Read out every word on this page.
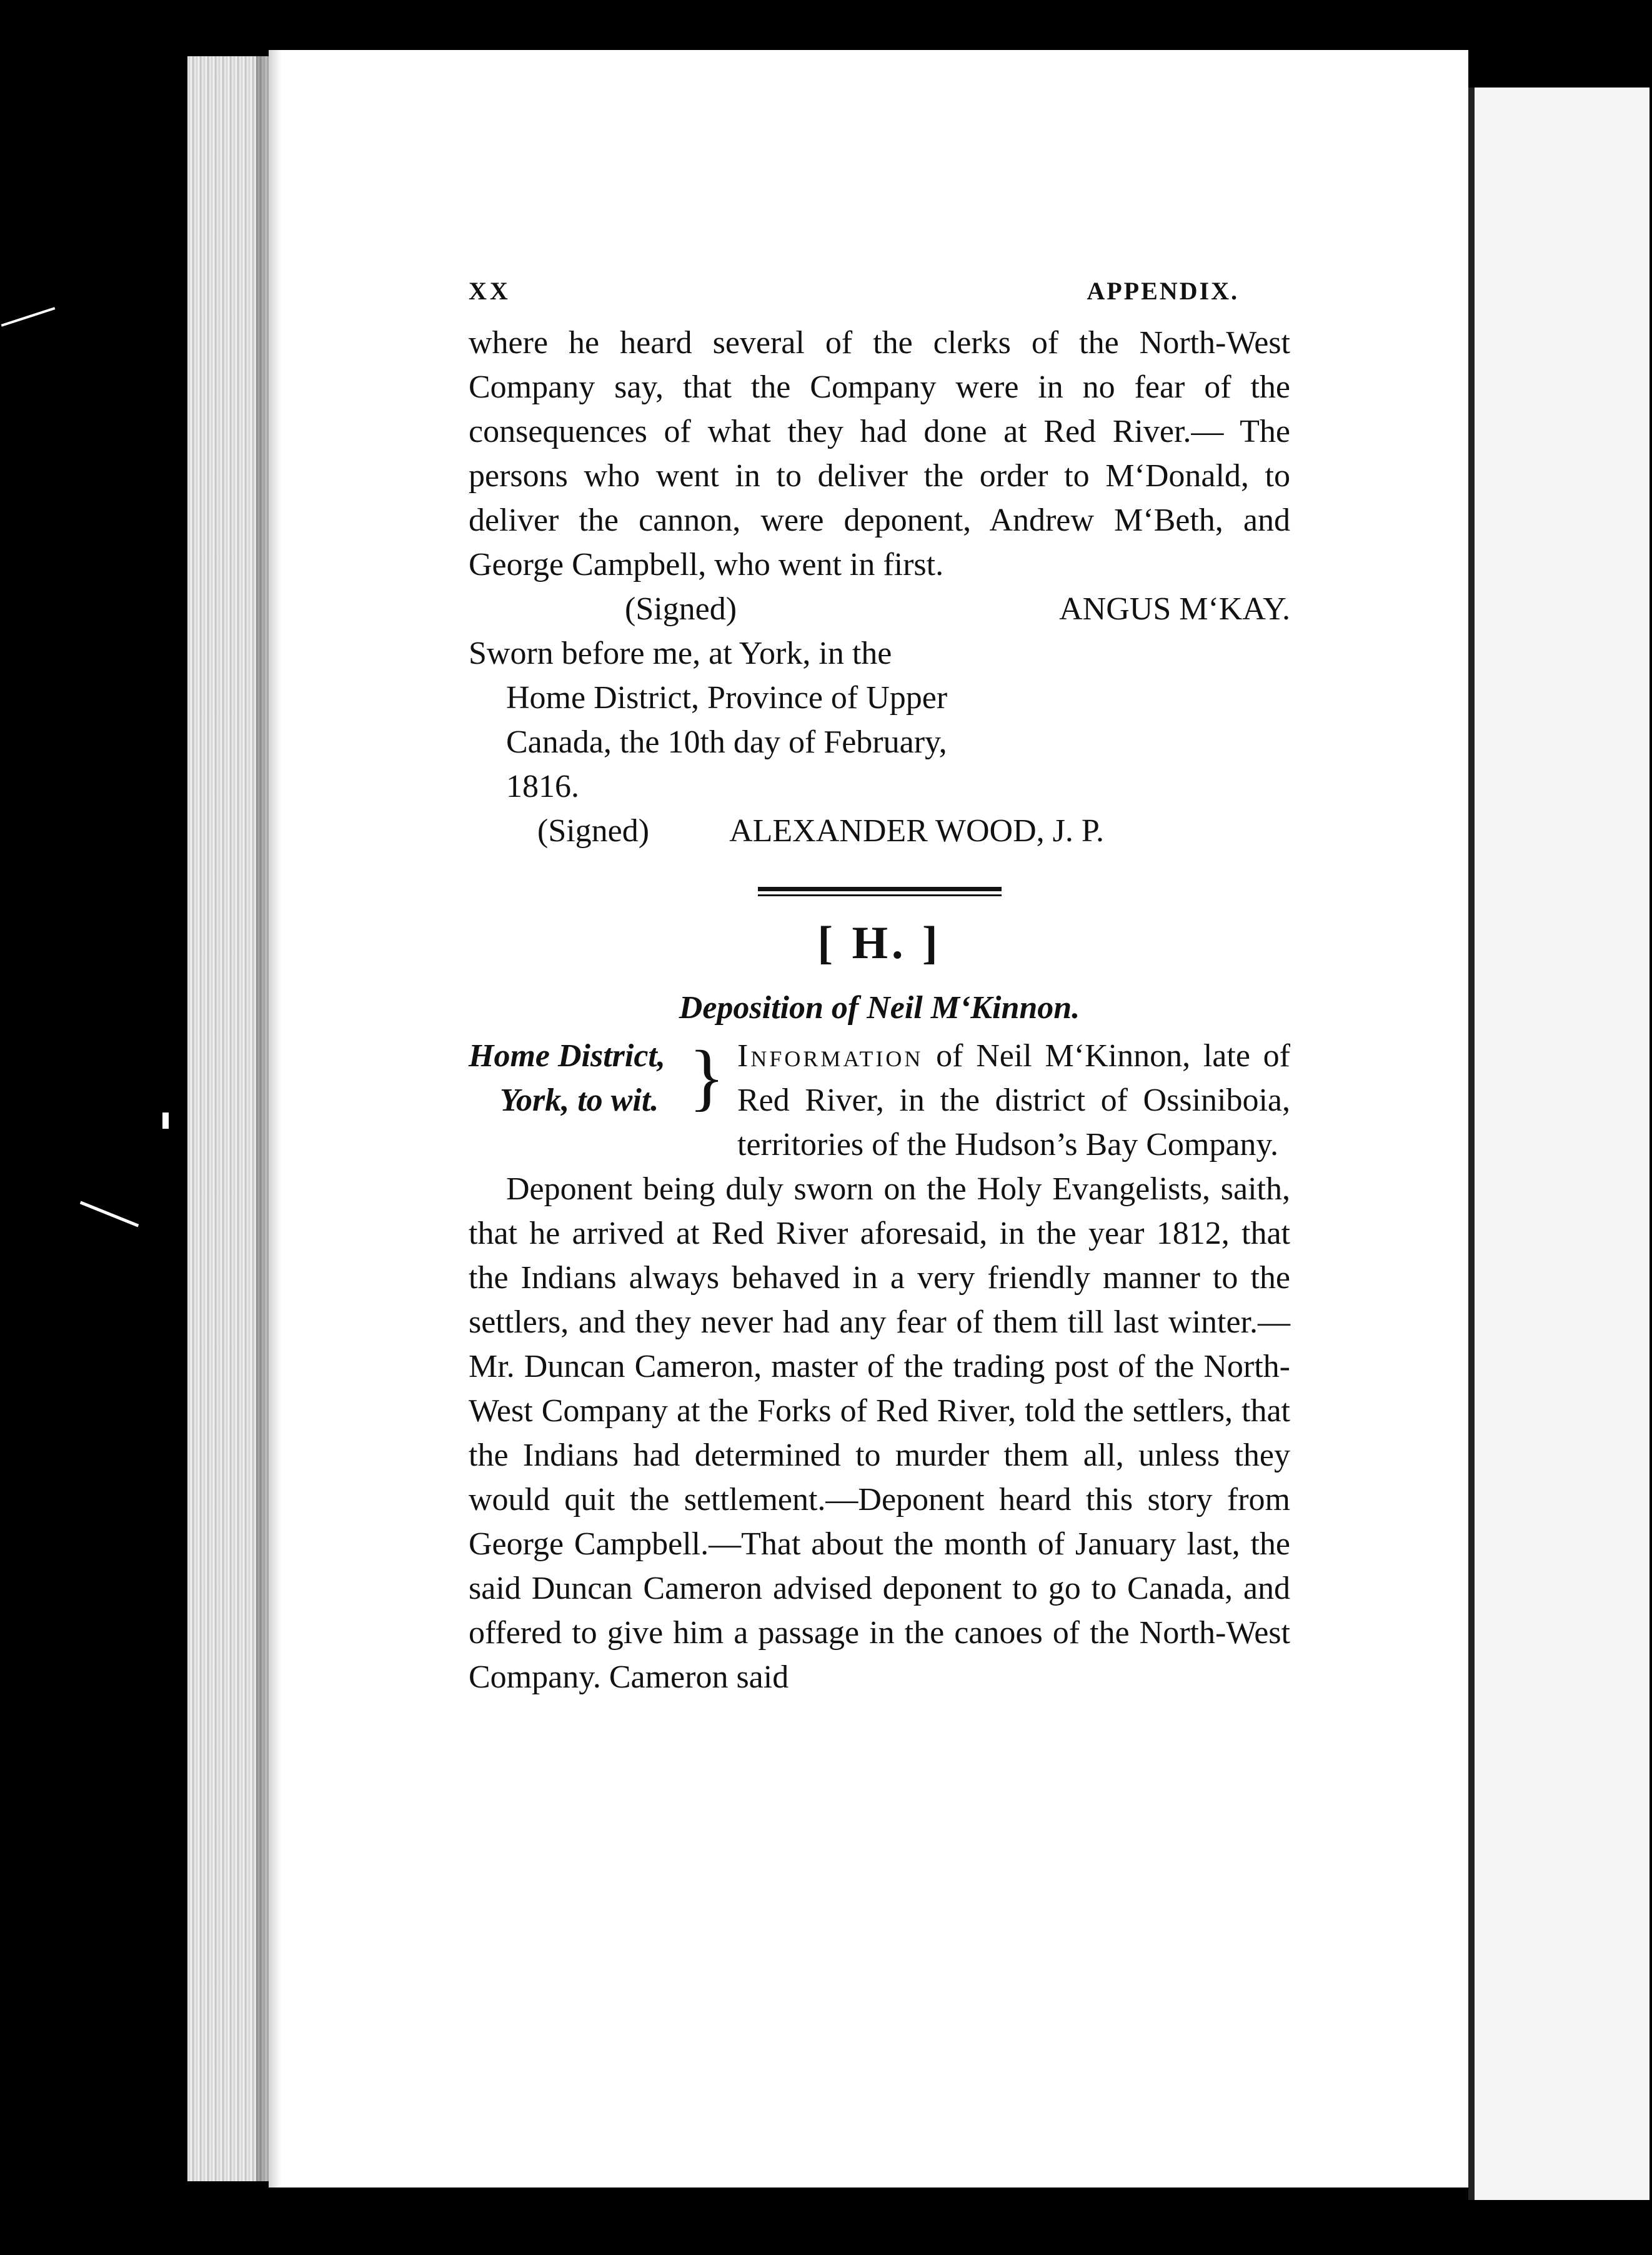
XX	APPENDIX.

where he heard several of the clerks of the North-West Company say, that the Company were in no fear of the consequences of what they had done at Red River.— The persons who went in to deliver the order to M‘Donald, to deliver the cannon, were deponent, Andrew M‘Beth, and George Campbell, who went in first.

(Signed)	ANGUS M‘KAY.

Sworn before me, at York, in the
Home District, Province of Upper
Canada, the 10th day of February,
1816.

(Signed) ALEXANDER WOOD, J. P.

[ H. ]

Deposition of Neil M‘Kinnon.

Home District,
York, to wit. } Information of Neil M‘Kinnon, late of Red River, in the district of Ossiniboia, territories of the Hudson’s Bay Company.

Deponent being duly sworn on the Holy Evangelists, saith, that he arrived at Red River aforesaid, in the year 1812, that the Indians always behaved in a very friendly manner to the settlers, and they never had any fear of them till last winter.—Mr. Duncan Cameron, master of the trading post of the North-West Company at the Forks of Red River, told the settlers, that the Indians had determined to murder them all, unless they would quit the settlement.—Deponent heard this story from George Campbell.—That about the month of January last, the said Duncan Cameron advised deponent to go to Canada, and offered to give him a passage in the canoes of the North-West Company. Cameron said
